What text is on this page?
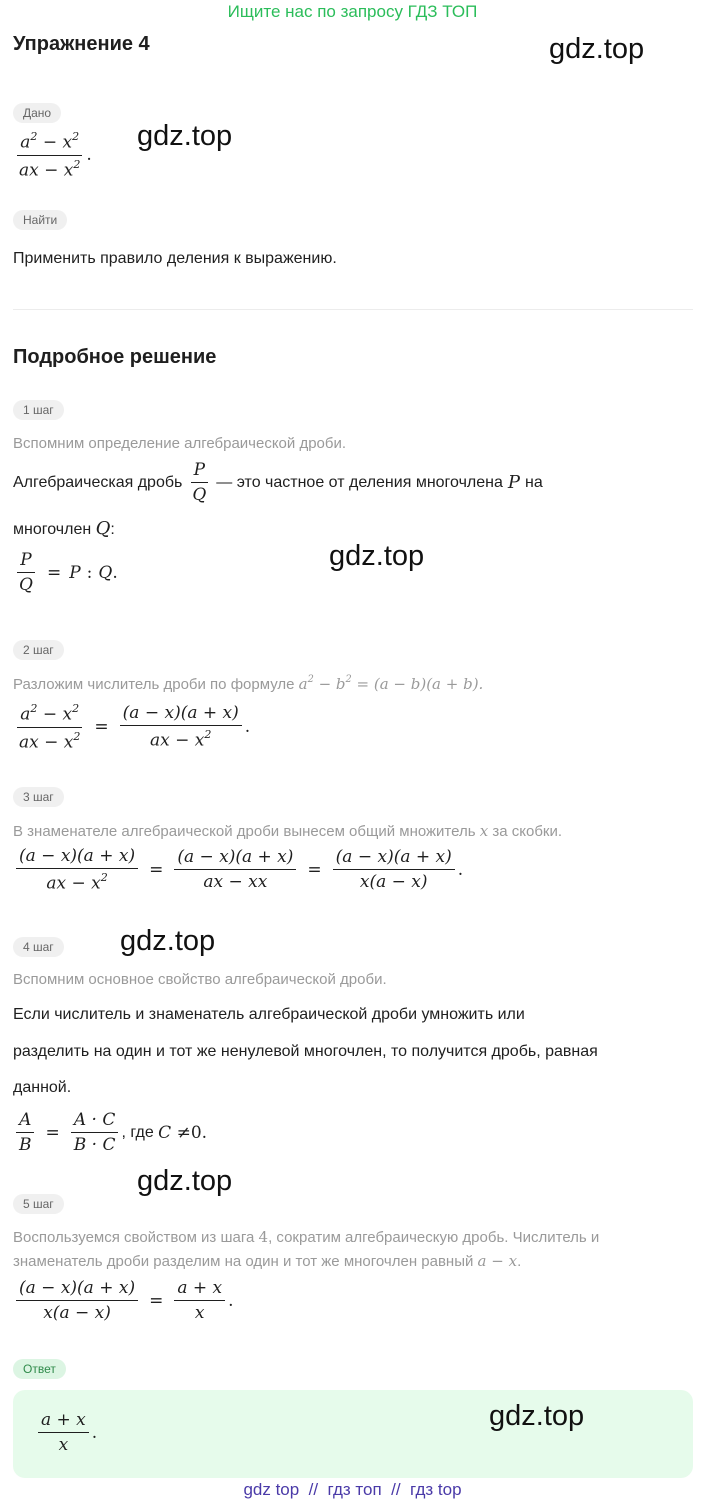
Ищите нас по запросу ГДЗ ТОП
Упражнение 4	gdz.top
Дано
$\frac{a^2 - x^2}{ax - x^2}$ .
gdz.top
Найти
Применить правило деления к выражению.
Подробное решение
1 шаг
Вспомним определение алгебраической дроби.
Алгебраическая дробь $\frac{P}{Q}$ — это частное от деления многочлена P на
многочлен Q:
$\frac{P}{Q} = P$ : Q .
gdz.top
2 шаг
Разложим числитель дроби по формуле $a^2 - b^2 = (a - b)(a + b)$.
$\frac{a^2 - x^2}{ax - x^2} = \frac{(a - x)(a + x)}{ax - x^2}$ .
3 шаг
В знаменателе алгебраической дроби вынесем общий множитель x за скобки.
$\frac{(a - x)(a + x)}{ax - x^2} = \frac{(a - x)(a + x)}{ax - xx} = \frac{(a - x)(a + x)}{x(a - x)}$ .
4 шаг	gdz.top
Вспомним основное свойство алгебраической дроби.
Если числитель и знаменатель алгебраической дроби умножить или
разделить на один и тот же ненулевой многочлен, то получится дробь, равная
данной.
$\frac{A}{B} = \frac{A \cdot C}{B \cdot C}$ , где C ≠ 0.
gdz.top
5 шаг
Воспользуемся свойством из шага 4, сократим алгебраическую дробь. Числитель и
знаменатель дроби разделим на один и тот же многочлен равный a − x.
$\frac{(a - x)(a + x)}{x(a - x)} = \frac{a + x}{x}$ .
Ответ
$\frac{a + x}{x}$ .
gdz.top
gdz top  //  гдз топ  //  гдз top
